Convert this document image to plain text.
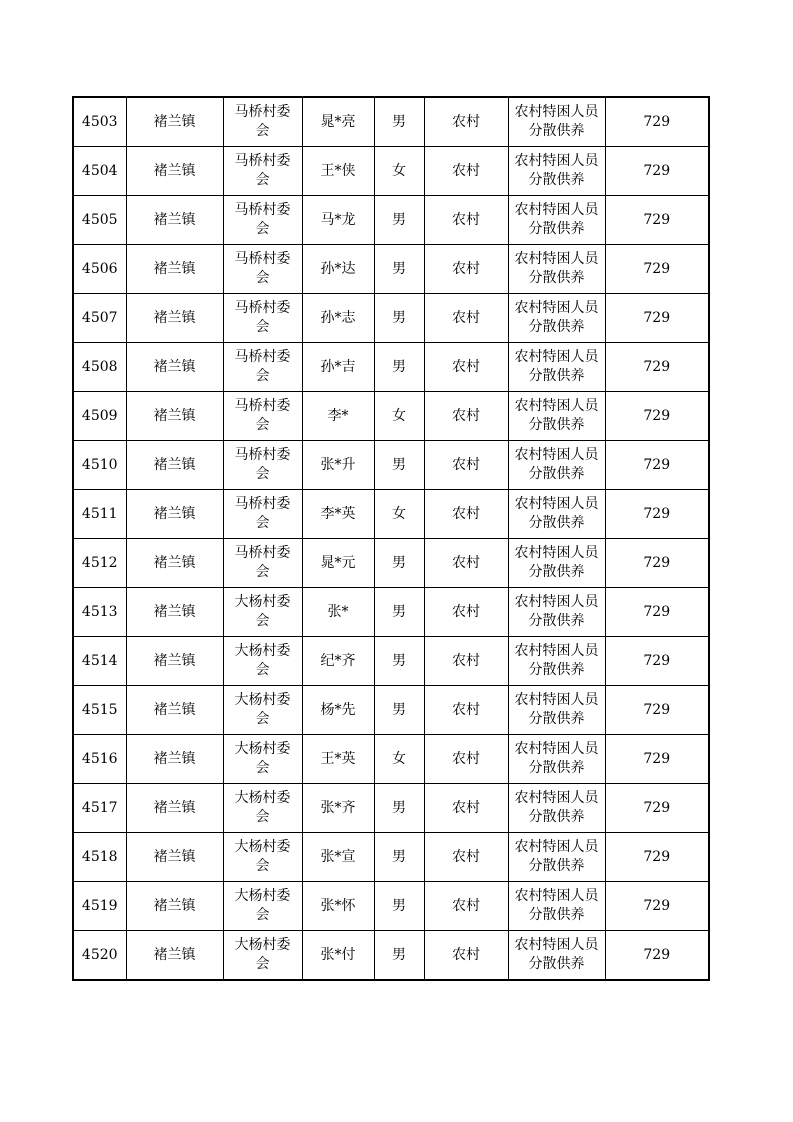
4503	褚兰镇	马桥村委会	晁*亮	男	农村	农村特困人员分散供养	729
4504	褚兰镇	马桥村委会	王*侠	女	农村	农村特困人员分散供养	729
4505	褚兰镇	马桥村委会	马*龙	男	农村	农村特困人员分散供养	729
4506	褚兰镇	马桥村委会	孙*达	男	农村	农村特困人员分散供养	729
4507	褚兰镇	马桥村委会	孙*志	男	农村	农村特困人员分散供养	729
4508	褚兰镇	马桥村委会	孙*吉	男	农村	农村特困人员分散供养	729
4509	褚兰镇	马桥村委会	李*	女	农村	农村特困人员分散供养	729
4510	褚兰镇	马桥村委会	张*升	男	农村	农村特困人员分散供养	729
4511	褚兰镇	马桥村委会	李*英	女	农村	农村特困人员分散供养	729
4512	褚兰镇	马桥村委会	晁*元	男	农村	农村特困人员分散供养	729
4513	褚兰镇	大杨村委会	张*	男	农村	农村特困人员分散供养	729
4514	褚兰镇	大杨村委会	纪*齐	男	农村	农村特困人员分散供养	729
4515	褚兰镇	大杨村委会	杨*先	男	农村	农村特困人员分散供养	729
4516	褚兰镇	大杨村委会	王*英	女	农村	农村特困人员分散供养	729
4517	褚兰镇	大杨村委会	张*齐	男	农村	农村特困人员分散供养	729
4518	褚兰镇	大杨村委会	张*宣	男	农村	农村特困人员分散供养	729
4519	褚兰镇	大杨村委会	张*怀	男	农村	农村特困人员分散供养	729
4520	褚兰镇	大杨村委会	张*付	男	农村	农村特困人员分散供养	729
